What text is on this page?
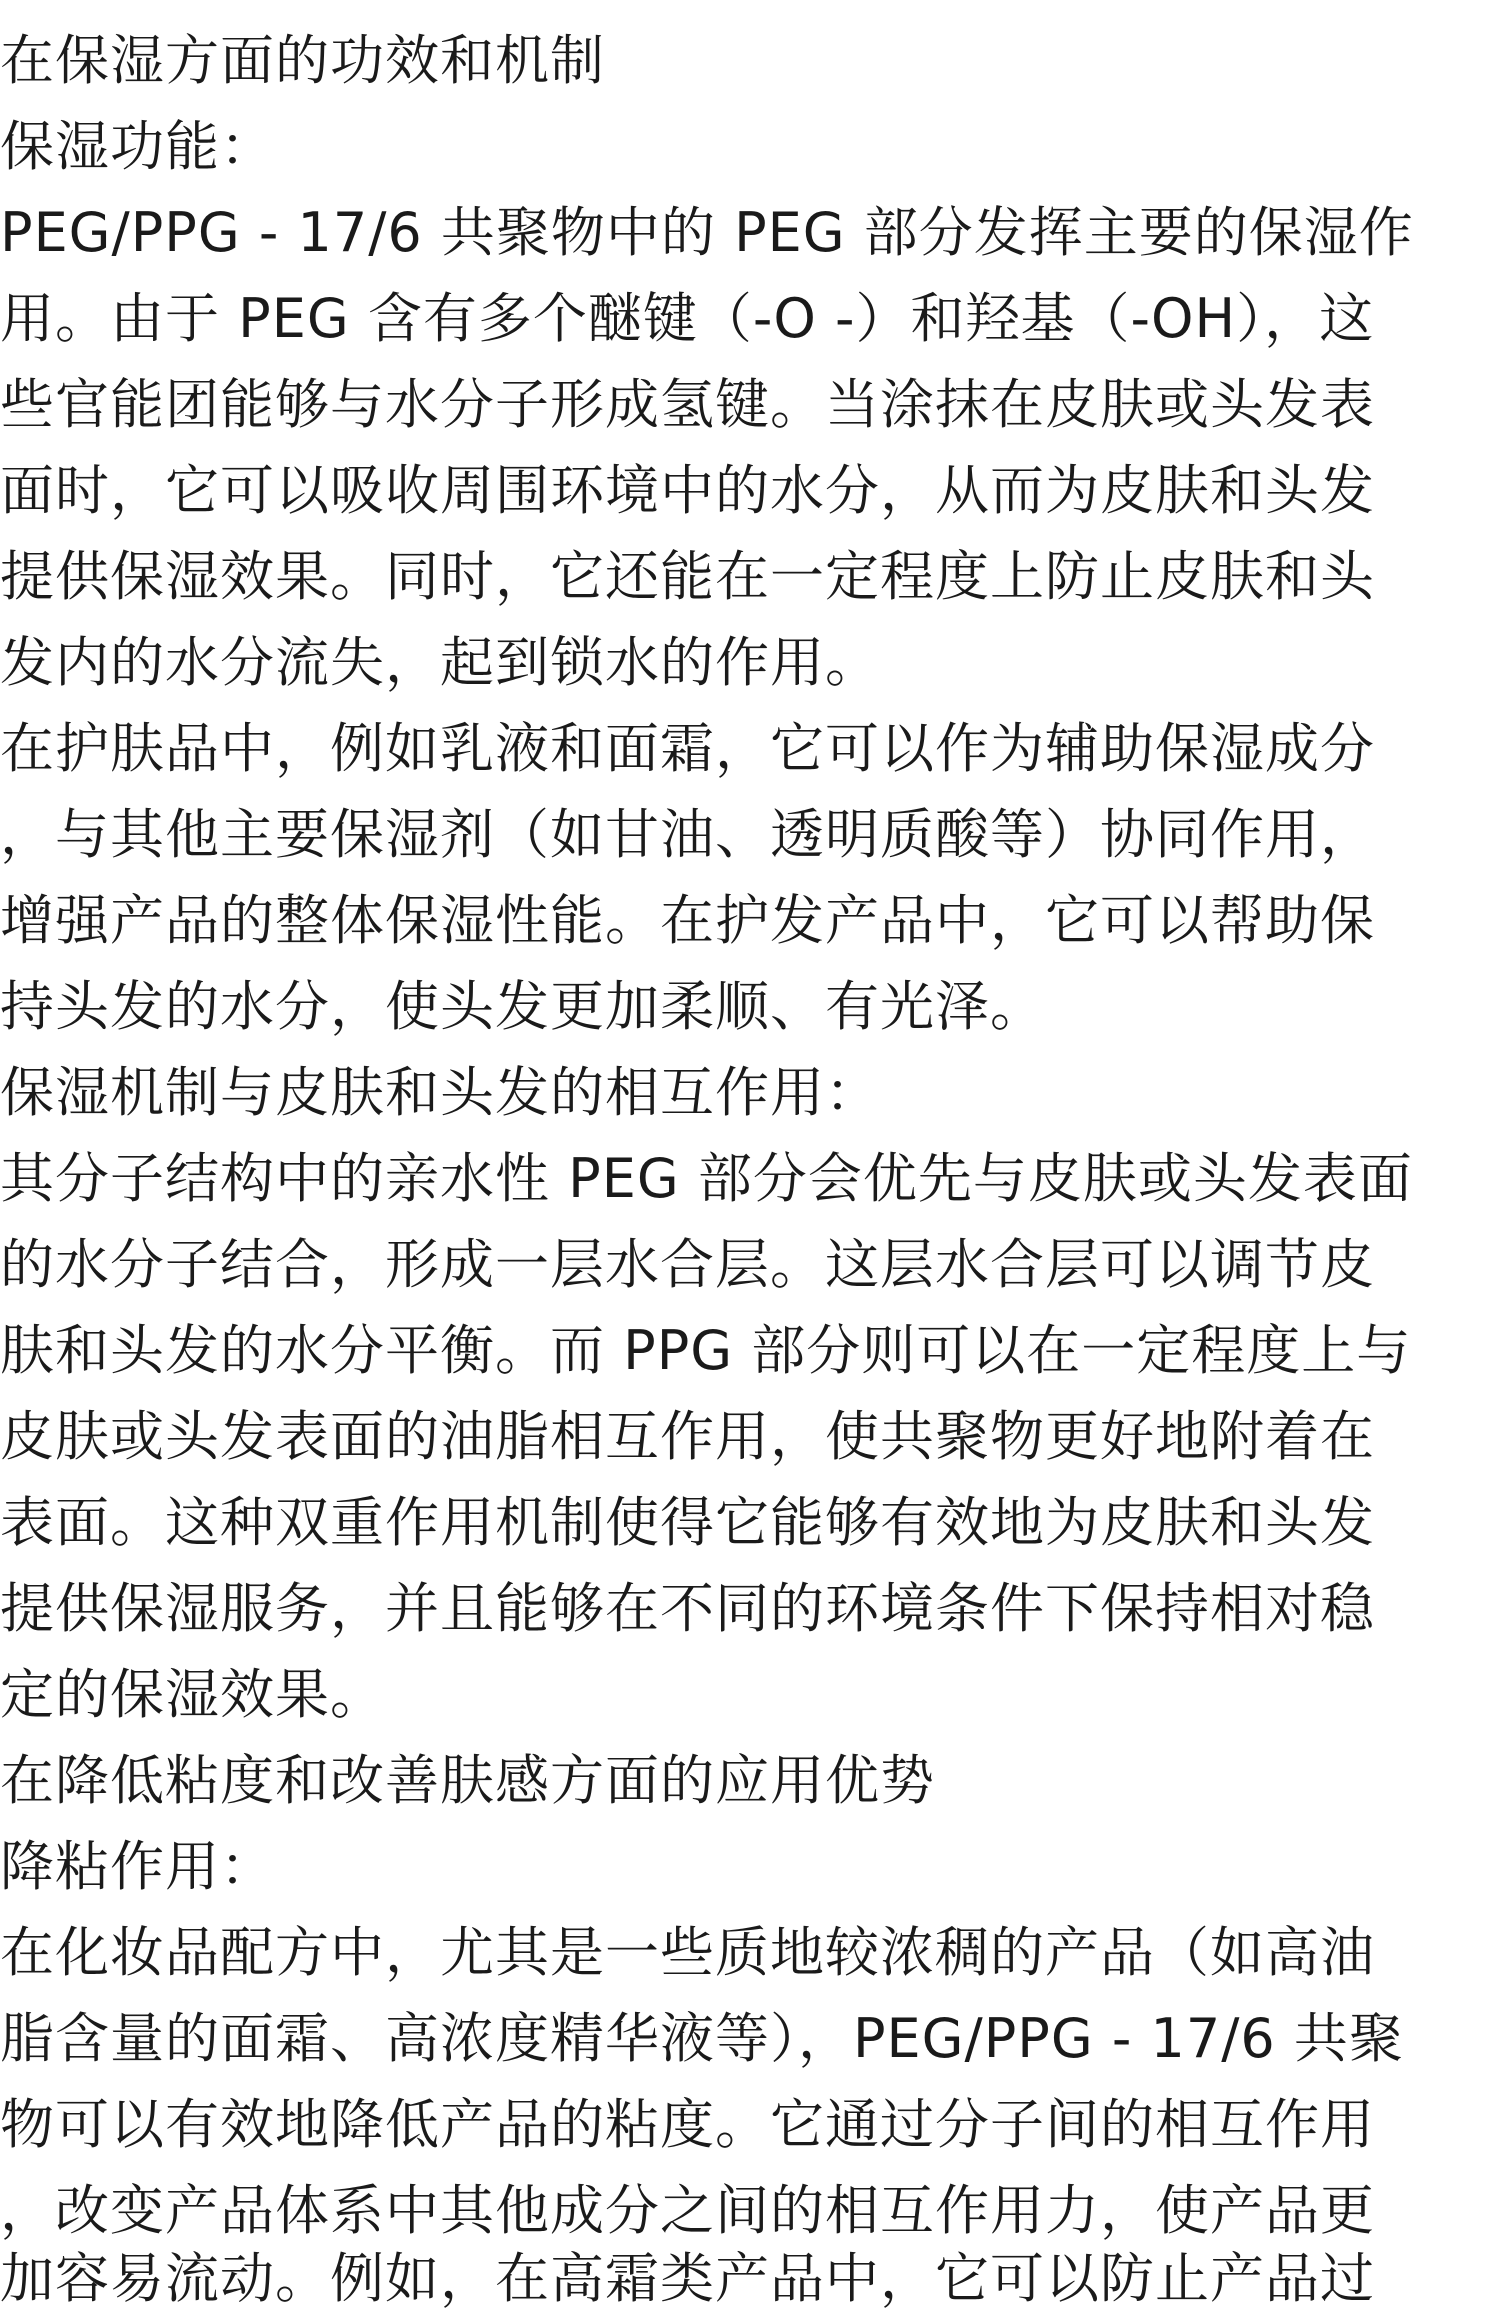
在保湿方面的功效和机制
保湿功能：
PEG/PPG - 17/6 共聚物中的 PEG 部分发挥主要的保湿作
用。由于 PEG 含有多个醚键（-O -）和羟基（-OH），这
些官能团能够与水分子形成氢键。当涂抹在皮肤或头发表
面时，它可以吸收周围环境中的水分，从而为皮肤和头发
提供保湿效果。同时，它还能在一定程度上防止皮肤和头
发内的水分流失，起到锁水的作用。
在护肤品中，例如乳液和面霜，它可以作为辅助保湿成分
，与其他主要保湿剂（如甘油、透明质酸等）协同作用，
增强产品的整体保湿性能。在护发产品中，它可以帮助保
持头发的水分，使头发更加柔顺、有光泽。
保湿机制与皮肤和头发的相互作用：
其分子结构中的亲水性 PEG 部分会优先与皮肤或头发表面
的水分子结合，形成一层水合层。这层水合层可以调节皮
肤和头发的水分平衡。而 PPG 部分则可以在一定程度上与
皮肤或头发表面的油脂相互作用，使共聚物更好地附着在
表面。这种双重作用机制使得它能够有效地为皮肤和头发
提供保湿服务，并且能够在不同的环境条件下保持相对稳
定的保湿效果。
在降低粘度和改善肤感方面的应用优势
降粘作用：
在化妆品配方中，尤其是一些质地较浓稠的产品（如高油
脂含量的面霜、高浓度精华液等），PEG/PPG - 17/6 共聚
物可以有效地降低产品的粘度。它通过分子间的相互作用
，改变产品体系中其他成分之间的相互作用力，使产品更
加容易流动。例如，在高霜类产品中，它可以防止产品过
